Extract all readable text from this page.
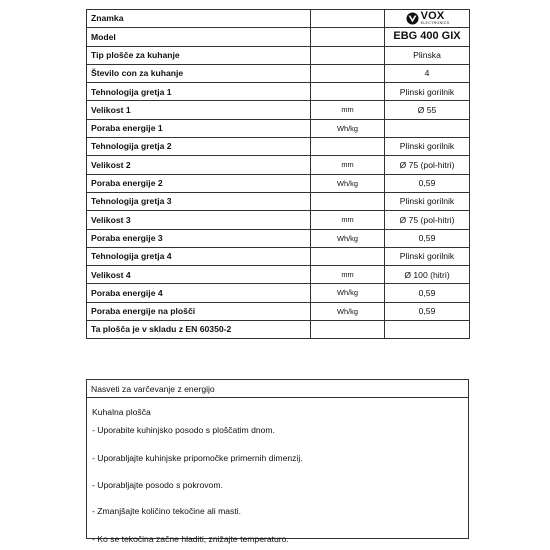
Znamka		VOX
ELECTRONICS

Model		EBG 400 GIX
Tip plošče za kuhanje		Plinska
Število con za kuhanje		4
Tehnologija gretja 1		Plinski gorilnik
Velikost 1	mm	Ø 55
Poraba energije 1	Wh/kg	
Tehnologija gretja 2		Plinski gorilnik
Velikost 2	mm	Ø 75 (pol-hitri)
Poraba energije 2	Wh/kg	0,59
Tehnologija gretja 3		Plinski gorilnik
Velikost 3	mm	Ø 75 (pol-hitri)
Poraba energije 3	Wh/kg	0,59
Tehnologija gretja 4		Plinski gorilnik
Velikost 4	mm	Ø 100 (hitri)
Poraba energije 4	Wh/kg	0,59
Poraba energije na plošči	Wh/kg	0,59
Ta plošča je v skladu z EN 60350-2		
Nasveti za varčevanje z energijo
Kuhalna plošča
- Uporabite kuhinjsko posodo s ploščatim dnom.
- Uporabljajte kuhinjske pripomočke primernih dimenzij.
- Uporabljajte posodo s pokrovom.
- Zmanjšajte količino tekočine ali masti.
- Ko se tekočina začne hladiti, znižajte temperaturo.
